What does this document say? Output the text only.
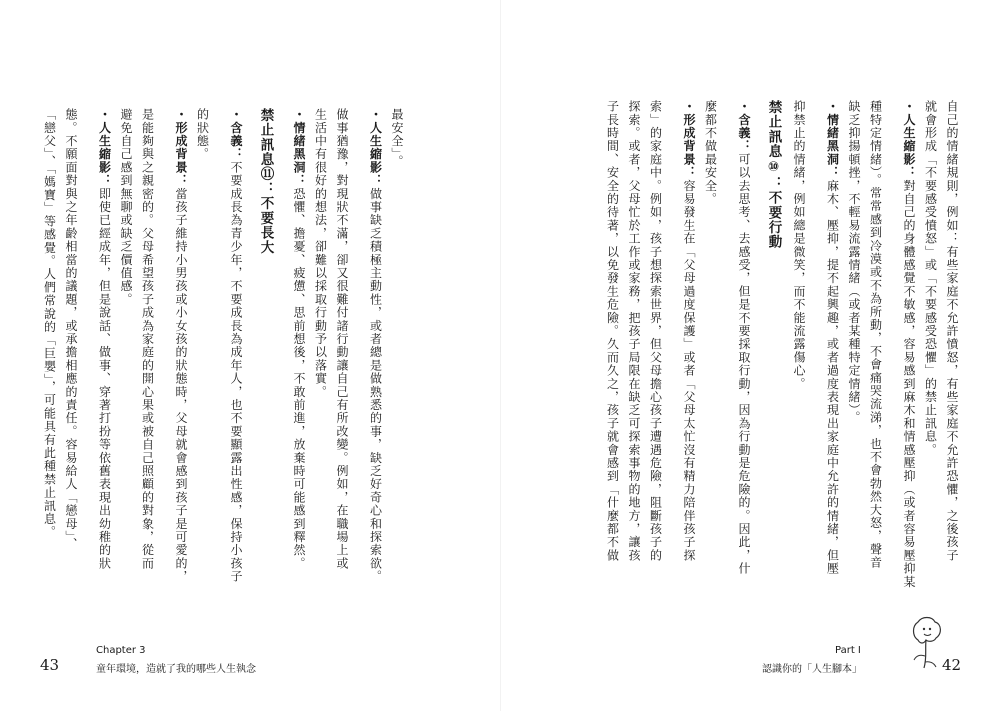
最安全」。

・人生縮影：做事缺乏積極主動性，或者總是做熟悉的事，缺乏好奇心和探索欲。

做事猶豫，對現狀不滿，卻又很難付諸行動讓自己有所改變。例如，在職場上或

生活中有很好的想法，卻難以採取行動予以落實。

・情緒黑洞：恐懼、擔憂、疲憊、思前想後，不敢前進，放棄時可能感到釋然。

禁止訊息⑪：不要長大

・含義：不要成長為青少年，不要成長為成年人，也不要顯露出性感，保持小孩子

的狀態。

・形成背景：當孩子維持小男孩或小女孩的狀態時，父母就會感到孩子是可愛的，

是能夠與之親密的。父母希望孩子成為家庭的開心果或被自己照顧的對象，從而

避免自己感到無聊或缺乏價值感。

・人生縮影：即使已經成年，但是說話、做事、穿著打扮等依舊表現出幼稚的狀

態。不願面對與之年齡相當的議題，或承擔相應的責任。容易給人「戀母」、

「戀父」、「媽寶」等感覺。人們常說的「巨嬰」，可能具有此種禁止訊息。

43
Chapter 3
童年環境，造就了我的哪些人生執念

自己的情緒規則，例如：有些家庭不允許憤怒，有些家庭不允許恐懼，之後孩子

就會形成「不要感受憤怒」或「不要感受恐懼」的禁止訊息。

・人生縮影：對自己的身體感覺不敏感，容易感到麻木和情感壓抑（或者容易壓抑某

種特定情緒）。常常感到冷漠或不為所動，不會痛哭流涕，也不會勃然大怒，聲音

缺乏抑揚頓挫，不輕易流露情緒（或者某種特定情緒）。

・情緒黑洞：麻木、壓抑，提不起興趣，或者過度表現出家庭中允許的情緒，但壓

抑禁止的情緒，例如總是微笑，而不能流露傷心。

禁止訊息⑩：不要行動

・含義：可以去思考、去感受，但是不要採取行動，因為行動是危險的。因此，什

麼都不做最安全。

・形成背景：容易發生在「父母過度保護」或者「父母太忙沒有精力陪伴孩子探

索」的家庭中。例如，孩子想探索世界，但父母擔心孩子遭遇危險，阻斷孩子的

探索。或者，父母忙於工作或家務，把孩子局限在缺乏可探索事物的地方，讓孩

子長時間、安全的待著，以免發生危險。久而久之，孩子就會感到「什麼都不做

Part Ⅰ
認識你的「人生腳本」	42
